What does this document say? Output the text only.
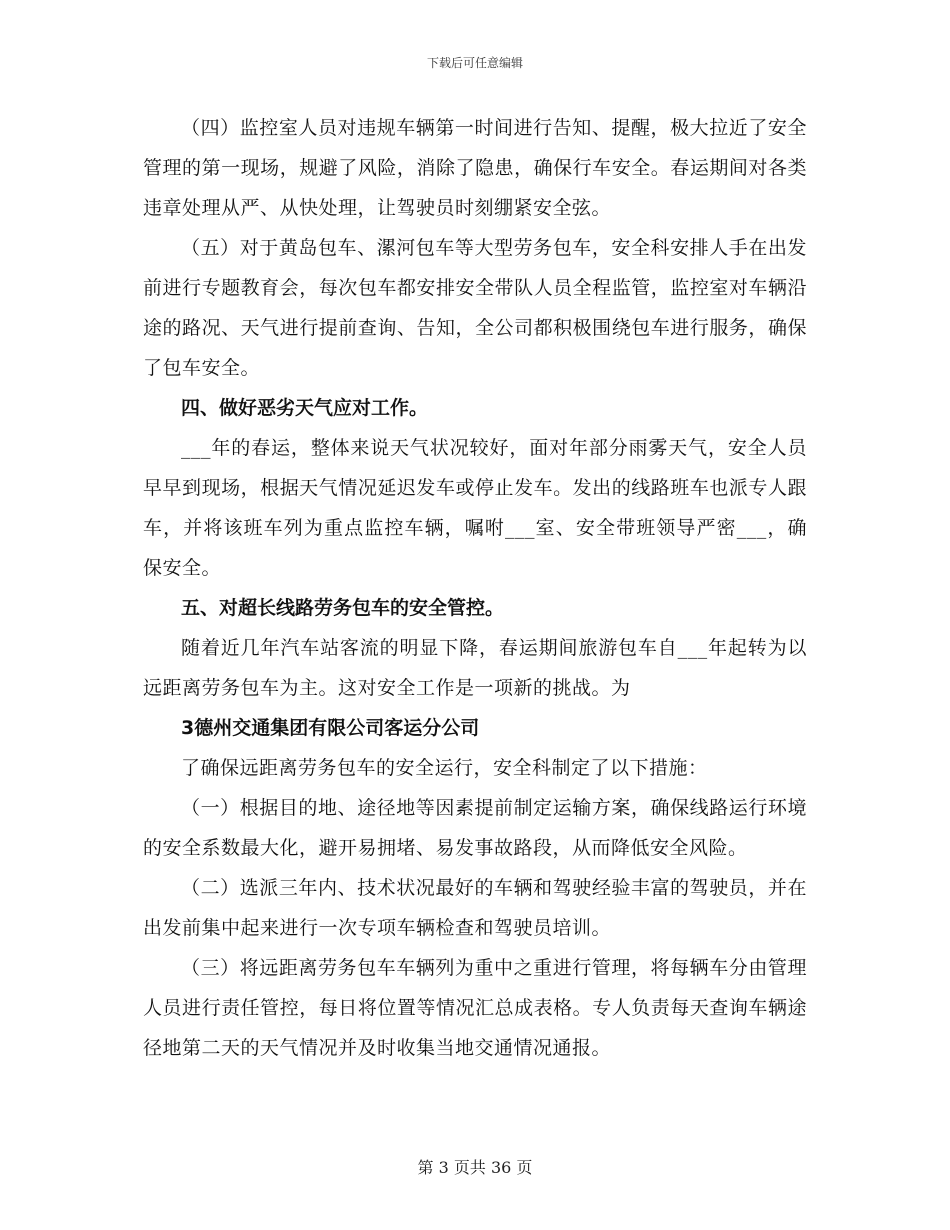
下载后可任意编辑

（四）监控室人员对违规车辆第一时间进行告知、提醒，极大拉近了安全管理的第一现场，规避了风险，消除了隐患，确保行车安全。春运期间对各类违章处理从严、从快处理，让驾驶员时刻绷紧安全弦。

（五）对于黄岛包车、漯河包车等大型劳务包车，安全科安排人手在出发前进行专题教育会，每次包车都安排安全带队人员全程监管，监控室对车辆沿途的路况、天气进行提前查询、告知，全公司都积极围绕包车进行服务，确保了包车安全。

四、做好恶劣天气应对工作。

___年的春运，整体来说天气状况较好，面对年部分雨雾天气，安全人员早早到现场，根据天气情况延迟发车或停止发车。发出的线路班车也派专人跟车，并将该班车列为重点监控车辆，嘱咐___室、安全带班领导严密___，确保安全。

五、对超长线路劳务包车的安全管控。

随着近几年汽车站客流的明显下降，春运期间旅游包车自___年起转为以远距离劳务包车为主。这对安全工作是一项新的挑战。为

3德州交通集团有限公司客运分公司

了确保远距离劳务包车的安全运行，安全科制定了以下措施：

（一）根据目的地、途径地等因素提前制定运输方案，确保线路运行环境的安全系数最大化，避开易拥堵、易发事故路段，从而降低安全风险。

（二）选派三年内、技术状况最好的车辆和驾驶经验丰富的驾驶员，并在出发前集中起来进行一次专项车辆检查和驾驶员培训。

（三）将远距离劳务包车车辆列为重中之重进行管理，将每辆车分由管理人员进行责任管控，每日将位置等情况汇总成表格。专人负责每天查询车辆途径地第二天的天气情况并及时收集当地交通情况通报。

第 3 页共 36 页
